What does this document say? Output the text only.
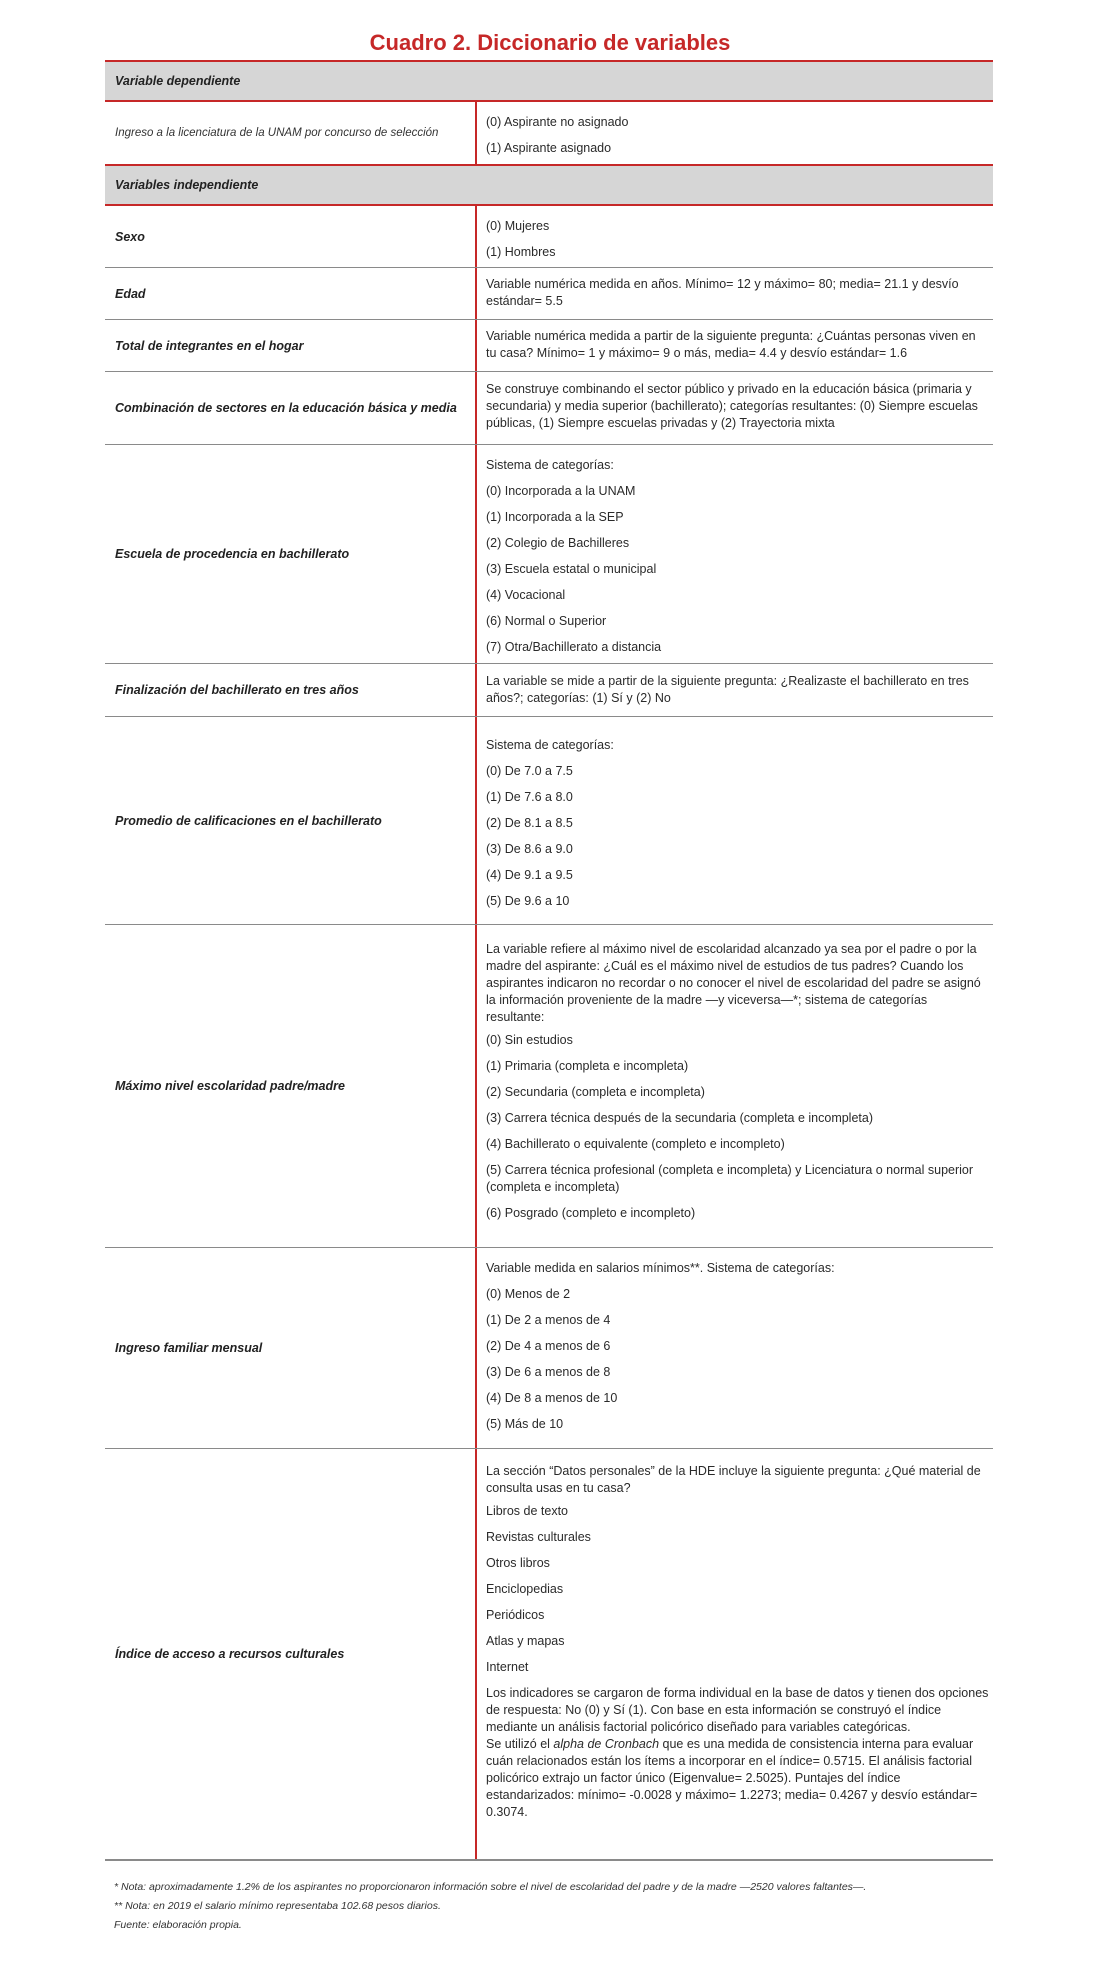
Cuadro 2. Diccionario de variables
Variable dependiente
Ingreso a la licenciatura de la UNAM por concurso de selección
(0) Aspirante no asignado
(1) Aspirante asignado
Variables independiente
Sexo
(0) Mujeres
(1) Hombres
Edad
Variable numérica medida en años. Mínimo= 12 y máximo= 80; media= 21.1 y desvío estándar= 5.5
Total de integrantes en el hogar
Variable numérica medida a partir de la siguiente pregunta: ¿Cuántas personas viven en tu casa? Mínimo= 1 y máximo= 9 o más, media= 4.4 y desvío estándar= 1.6
Combinación de sectores en la educación básica y media
Se construye combinando el sector público y privado en la educación básica (primaria y secundaria) y media superior (bachillerato); categorías resultantes: (0) Siempre escuelas públicas, (1) Siempre escuelas privadas y (2) Trayectoria mixta
Escuela de procedencia en bachillerato
Sistema de categorías:
(0) Incorporada a la UNAM
(1) Incorporada a la SEP
(2) Colegio de Bachilleres
(3) Escuela estatal o municipal
(4) Vocacional
(6) Normal o Superior
(7) Otra/Bachillerato a distancia
Finalización del bachillerato en tres años
La variable se mide a partir de la siguiente pregunta: ¿Realizaste el bachillerato en tres años?; categorías: (1) Sí y (2) No
Promedio de calificaciones en el bachillerato
Sistema de categorías:
(0) De 7.0 a 7.5
(1) De 7.6 a 8.0
(2) De 8.1 a 8.5
(3) De 8.6 a 9.0
(4) De 9.1 a 9.5
(5) De 9.6 a 10
Máximo nivel escolaridad padre/madre
La variable refiere al máximo nivel de escolaridad alcanzado ya sea por el padre o por la madre del aspirante: ¿Cuál es el máximo nivel de estudios de tus padres? Cuando los aspirantes indicaron no recordar o no conocer el nivel de escolaridad del padre se asignó la información proveniente de la madre —y viceversa—*; sistema de categorías resultante:
(0) Sin estudios
(1) Primaria (completa e incompleta)
(2) Secundaria (completa e incompleta)
(3) Carrera técnica después de la secundaria (completa e incompleta)
(4) Bachillerato o equivalente (completo e incompleto)
(5) Carrera técnica profesional (completa e incompleta) y Licenciatura o normal superior (completa e incompleta)
(6) Posgrado (completo e incompleto)
Ingreso familiar mensual
Variable medida en salarios mínimos**. Sistema de categorías:
(0) Menos de 2
(1) De 2 a menos de 4
(2) De 4 a menos de 6
(3) De 6 a menos de 8
(4) De 8 a menos de 10
(5) Más de 10
Índice de acceso a recursos culturales
La sección “Datos personales” de la HDE incluye la siguiente pregunta: ¿Qué material de consulta usas en tu casa?
Libros de texto
Revistas culturales
Otros libros
Enciclopedias
Periódicos
Atlas y mapas
Internet
Los indicadores se cargaron de forma individual en la base de datos y tienen dos opciones de respuesta: No (0) y Sí (1). Con base en esta información se construyó el índice mediante un análisis factorial policórico diseñado para variables categóricas.
Se utilizó el alpha de Cronbach que es una medida de consistencia interna para evaluar cuán relacionados están los ítems a incorporar en el índice= 0.5715. El análisis factorial policórico extrajo un factor único (Eigenvalue= 2.5025). Puntajes del índice estandarizados: mínimo= -0.0028 y máximo= 1.2273; media= 0.4267 y desvío estándar= 0.3074.
* Nota: aproximadamente 1.2% de los aspirantes no proporcionaron información sobre el nivel de escolaridad del padre y de la madre —2520 valores faltantes—.
** Nota: en 2019 el salario mínimo representaba 102.68 pesos diarios.
Fuente: elaboración propia.
